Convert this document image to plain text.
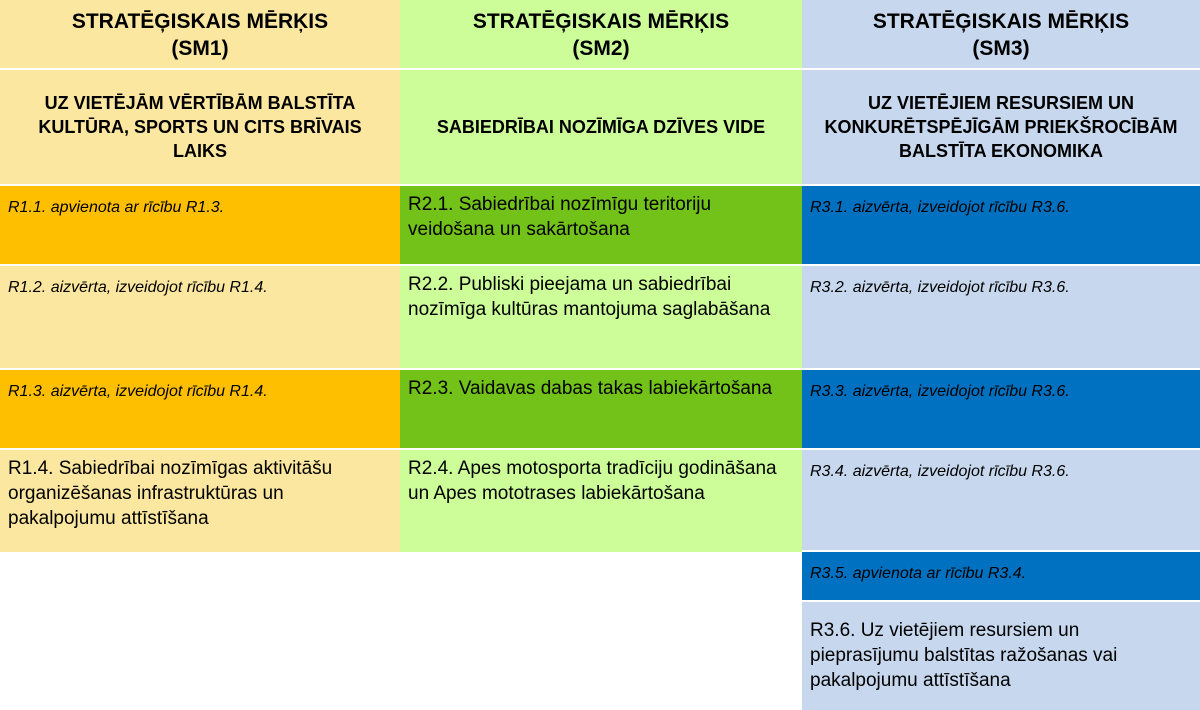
STRATĒĢISKAIS MĒRĶIS
(SM1)
UZ VIETĒJĀM VĒRTĪBĀM BALSTĪTA KULTŪRA, SPORTS UN CITS BRĪVAIS LAIKS
R1.1. apvienota ar rīcību R1.3.
R1.2. aizvērta, izveidojot rīcību R1.4.
R1.3. aizvērta, izveidojot rīcību R1.4.
R1.4. Sabiedrībai nozīmīgas aktivitāšu organizēšanas infrastruktūras un pakalpojumu attīstīšana
STRATĒĢISKAIS MĒRĶIS
(SM2)
SABIEDRĪBAI NOZĪMĪGA DZĪVES VIDE
R2.1. Sabiedrībai nozīmīgu teritoriju veidošana un sakārtošana
R2.2. Publiski pieejama un sabiedrībai nozīmīga kultūras mantojuma saglabāšana
R2.3. Vaidavas dabas takas labiekārtošana
R2.4. Apes motosporta tradīciju godināšana un Apes mototrases labiekārtošana
STRATĒĢISKAIS MĒRĶIS
(SM3)
UZ VIETĒJIEM RESURSIEM UN KONKURĒTSPĒJĪGĀM PRIEKŠROCĪBĀM BALSTĪTA EKONOMIKA
R3.1. aizvērta, izveidojot rīcību R3.6.
R3.2. aizvērta, izveidojot rīcību R3.6.
R3.3. aizvērta, izveidojot rīcību R3.6.
R3.4. aizvērta, izveidojot rīcību R3.6.
R3.5. apvienota ar rīcību R3.4.
R3.6. Uz vietējiem resursiem un pieprasījumu balstītas ražošanas vai pakalpojumu attīstīšana
